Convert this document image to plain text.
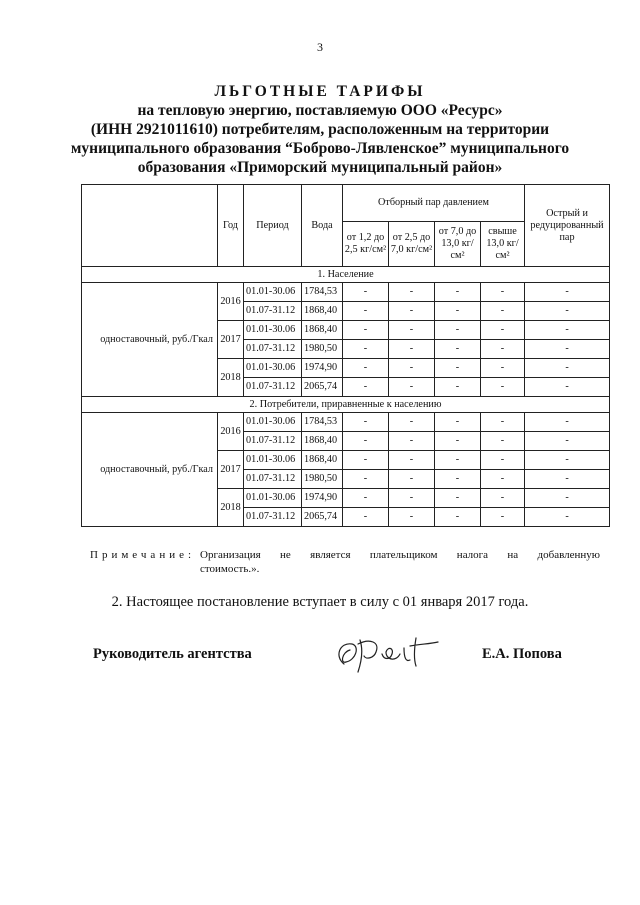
3
ЛЬГОТНЫЕ ТАРИФЫ
на тепловую энергию, поставляемую ООО «Ресурс»
(ИНН 2921011610) потребителям, расположенным на территории
муниципального образования “Боброво-Лявленское” муниципального
образования «Приморский муниципальный район»
	Год	Период	Вода	Отборный пар давлением				Острый и редуцированный пар
				от 1,2 до 2,5 кг/см²	от 2,5 до 7,0 кг/см²	от 7,0 до 13,0 кг/см²	свыше 13,0 кг/см²	
1. Население								
одноставочный, руб./Гкал	2016	01.01-30.06	1784,53	-	-	-	-	-
		01.07-31.12	1868,40	-	-	-	-	-
	2017	01.01-30.06	1868,40	-	-	-	-	-
		01.07-31.12	1980,50	-	-	-	-	-
	2018	01.01-30.06	1974,90	-	-	-	-	-
		01.07-31.12	2065,74	-	-	-	-	-
2. Потребители, приравненные к населению								
одноставочный, руб./Гкал	2016	01.01-30.06	1784,53	-	-	-	-	-
		01.07-31.12	1868,40	-	-	-	-	-
	2017	01.01-30.06	1868,40	-	-	-	-	-
		01.07-31.12	1980,50	-	-	-	-	-
	2018	01.01-30.06	1974,90	-	-	-	-	-
		01.07-31.12	2065,74	-	-	-	-	-
Примечание: Организация не является плательщиком налога на добавленную
стоимость.».
2. Настоящее постановление вступает в силу с 01 января 2017 года.
Руководитель агентства	Е.А. Попова
